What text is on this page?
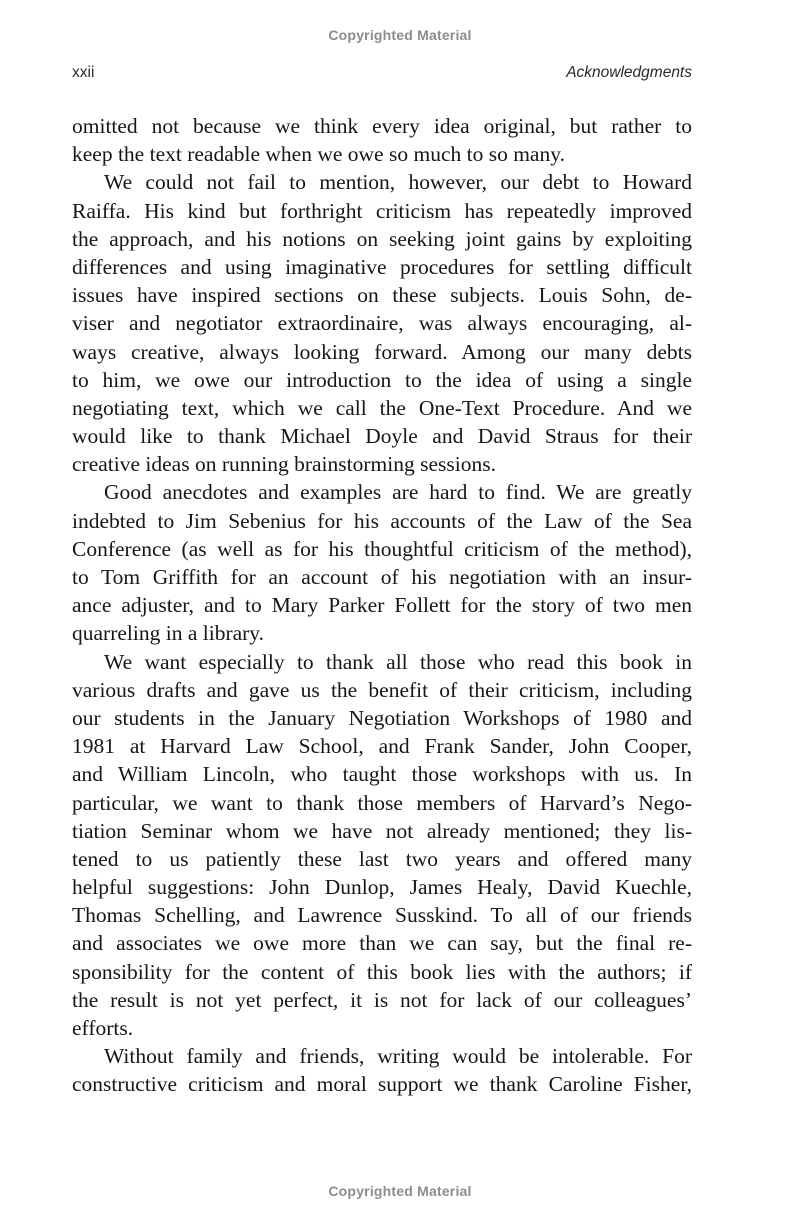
Copyrighted Material
xxii	Acknowledgments
omitted not because we think every idea original, but rather to
keep the text readable when we owe so much to so many.
We could not fail to mention, however, our debt to Howard
Raiffa. His kind but forthright criticism has repeatedly improved
the approach, and his notions on seeking joint gains by exploiting
differences and using imaginative procedures for settling difficult
issues have inspired sections on these subjects. Louis Sohn, de-
viser and negotiator extraordinaire, was always encouraging, al-
ways creative, always looking forward. Among our many debts
to him, we owe our introduction to the idea of using a single
negotiating text, which we call the One-Text Procedure. And we
would like to thank Michael Doyle and David Straus for their
creative ideas on running brainstorming sessions.
Good anecdotes and examples are hard to find. We are greatly
indebted to Jim Sebenius for his accounts of the Law of the Sea
Conference (as well as for his thoughtful criticism of the method),
to Tom Griffith for an account of his negotiation with an insur-
ance adjuster, and to Mary Parker Follett for the story of two men
quarreling in a library.
We want especially to thank all those who read this book in
various drafts and gave us the benefit of their criticism, including
our students in the January Negotiation Workshops of 1980 and
1981 at Harvard Law School, and Frank Sander, John Cooper,
and William Lincoln, who taught those workshops with us. In
particular, we want to thank those members of Harvard’s Nego-
tiation Seminar whom we have not already mentioned; they lis-
tened to us patiently these last two years and offered many
helpful suggestions: John Dunlop, James Healy, David Kuechle,
Thomas Schelling, and Lawrence Susskind. To all of our friends
and associates we owe more than we can say, but the final re-
sponsibility for the content of this book lies with the authors; if
the result is not yet perfect, it is not for lack of our colleagues’
efforts.
Without family and friends, writing would be intolerable. For
constructive criticism and moral support we thank Caroline Fisher,
Copyrighted Material
